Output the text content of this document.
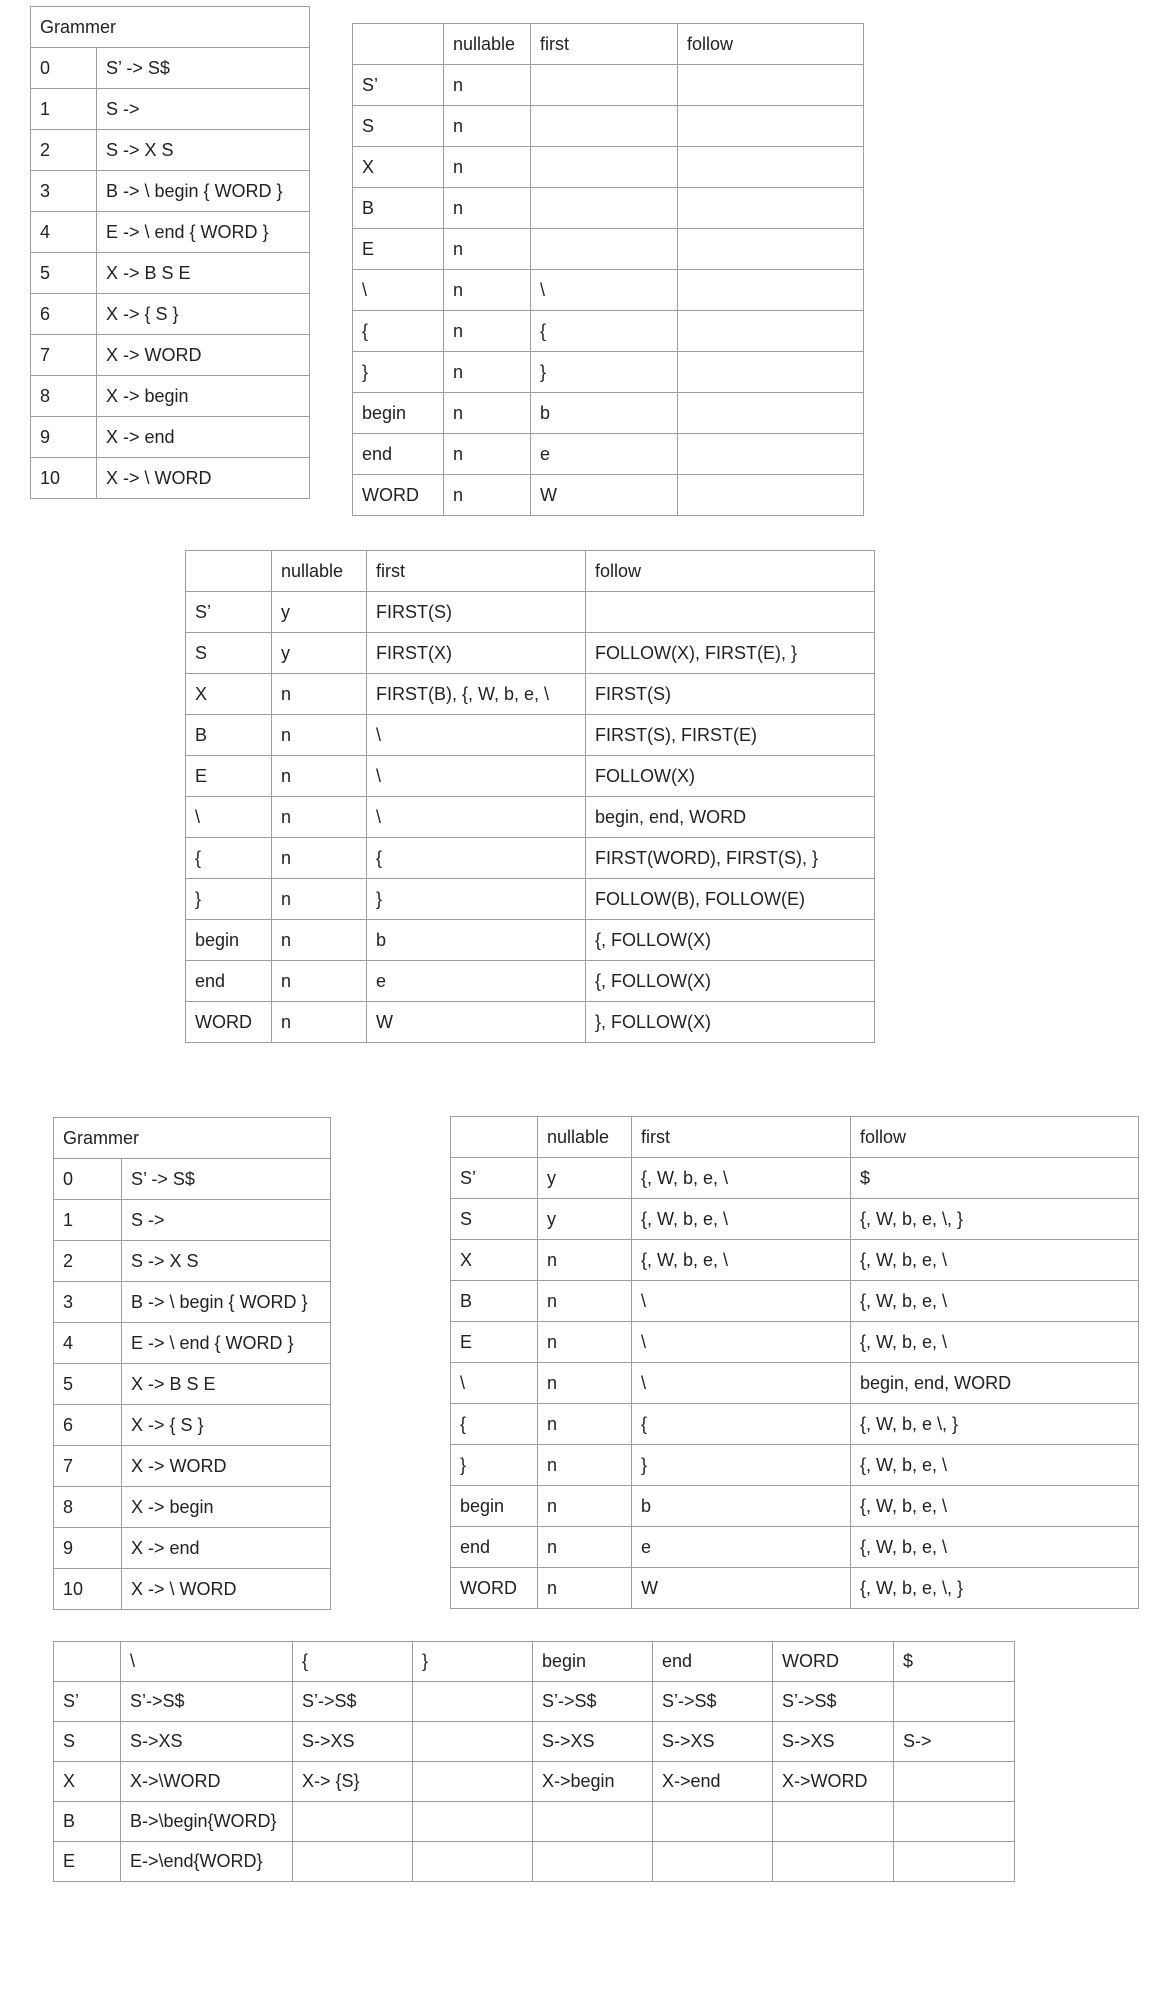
Grammer	
0	S’ -> S$
1	S ->
2	S -> X S
3	B -> \ begin { WORD }
4	E -> \ end { WORD }
5	X -> B S E
6	X -> { S }
7	X -> WORD
8	X -> begin
9	X -> end
10	X -> \ WORD
	nullable	first	follow
S’	n		
S	n		
X	n		
B	n		
E	n		
\	n	\	
{	n	{	
}	n	}	
begin	n	b	
end	n	e	
WORD	n	W	
	nullable	first	follow
S’	y	FIRST(S)	
S	y	FIRST(X)	FOLLOW(X), FIRST(E), }
X	n	FIRST(B), {, W, b, e, \	FIRST(S)
B	n	\	FIRST(S), FIRST(E)
E	n	\	FOLLOW(X)
\	n	\	begin, end, WORD
{	n	{	FIRST(WORD), FIRST(S), }
}	n	}	FOLLOW(B), FOLLOW(E)
begin	n	b	{, FOLLOW(X)
end	n	e	{, FOLLOW(X)
WORD	n	W	}, FOLLOW(X)
Grammer	
0	S’ -> S$
1	S ->
2	S -> X S
3	B -> \ begin { WORD }
4	E -> \ end { WORD }
5	X -> B S E
6	X -> { S }
7	X -> WORD
8	X -> begin
9	X -> end
10	X -> \ WORD
	nullable	first	follow
S’	y	{, W, b, e, \	$
S	y	{, W, b, e, \	{, W, b, e, \, }
X	n	{, W, b, e, \	{, W, b, e, \
B	n	\	{, W, b, e, \
E	n	\	{, W, b, e, \
\	n	\	begin, end, WORD
{	n	{	{, W, b, e \, }
}	n	}	{, W, b, e, \
begin	n	b	{, W, b, e, \
end	n	e	{, W, b, e, \
WORD	n	W	{, W, b, e, \, }
	\	{	}	begin	end	WORD	$
S’	S’->S$	S’->S$		S’->S$	S’->S$	S’->S$	
S	S->XS	S->XS		S->XS	S->XS	S->XS	S->
X	X->\WORD	X-> {S}		X->begin	X->end	X->WORD	
B	B->\begin{WORD}						
E	E->\end{WORD}						
